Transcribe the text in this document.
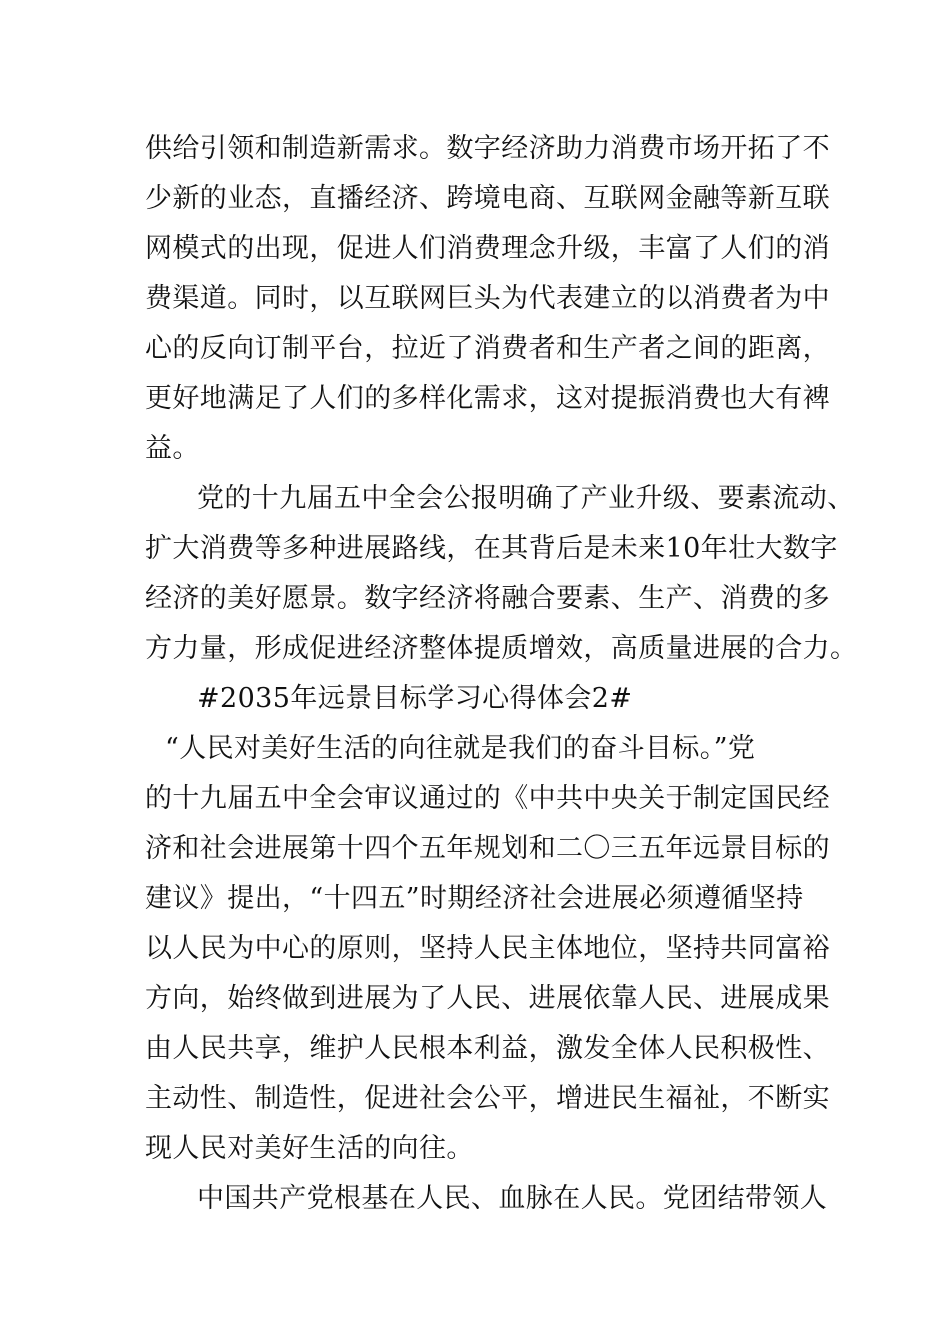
供给引领和制造新需求。数字经济助力消费市场开拓了不
少新的业态，直播经济、跨境电商、互联网金融等新互联
网模式的出现，促进人们消费理念升级，丰富了人们的消
费渠道。同时，以互联网巨头为代表建立的以消费者为中
心的反向订制平台，拉近了消费者和生产者之间的距离，
更好地满足了人们的多样化需求，这对提振消费也大有裨
益。
党的十九届五中全会公报明确了产业升级、要素流动、
扩大消费等多种进展路线，在其背后是未来10年壮大数字
经济的美好愿景。数字经济将融合要素、生产、消费的多
方力量，形成促进经济整体提质增效，高质量进展的合力。
#2035年远景目标学习心得体会2#
“人民对美好生活的向往就是我们的奋斗目标。”党
的十九届五中全会审议通过的《中共中央关于制定国民经
济和社会进展第十四个五年规划和二〇三五年远景目标的
建议》提出，“十四五”时期经济社会进展必须遵循坚持
以人民为中心的原则，坚持人民主体地位，坚持共同富裕
方向，始终做到进展为了人民、进展依靠人民、进展成果
由人民共享，维护人民根本利益，激发全体人民积极性、
主动性、制造性，促进社会公平，增进民生福祉，不断实
现人民对美好生活的向往。
中国共产党根基在人民、血脉在人民。党团结带领人
